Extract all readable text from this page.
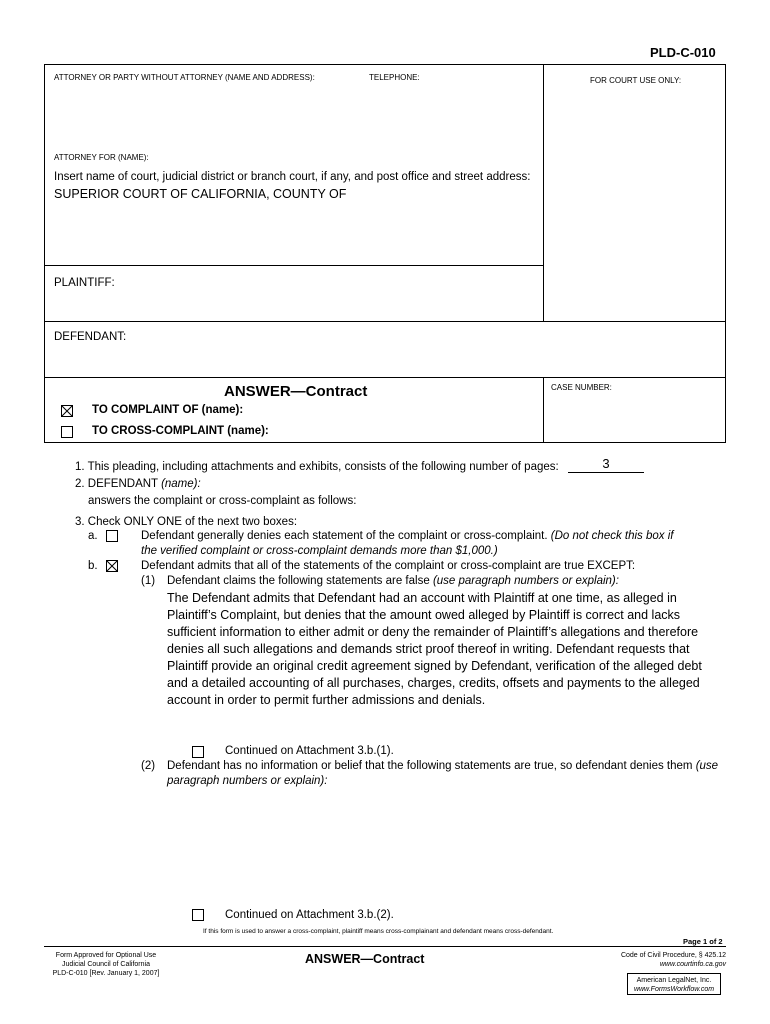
PLD-C-010
ATTORNEY OR PARTY WITHOUT ATTORNEY (NAME AND ADDRESS):	TELEPHONE:	FOR COURT USE ONLY:
ATTORNEY FOR (NAME):
Insert name of court, judicial district or branch court, if any, and post office and street address:
SUPERIOR COURT OF CALIFORNIA, COUNTY OF
PLAINTIFF:
DEFENDANT:
ANSWER—Contract	CASE NUMBER:
TO COMPLAINT OF (name):
TO CROSS-COMPLAINT (name):
1. This pleading, including attachments and exhibits, consists of the following number of pages:	3
2. DEFENDANT (name):
answers the complaint or cross-complaint as follows:
3. Check ONLY ONE of the next two boxes:
a.	Defendant generally denies each statement of the complaint or cross-complaint. (Do not check this box if
the verified complaint or cross-complaint demands more than $1,000.)
b.	Defendant admits that all of the statements of the complaint or cross-complaint are true EXCEPT:
(1) Defendant claims the following statements are false (use paragraph numbers or explain):
The Defendant admits that Defendant had an account with Plaintiff at one time, as alleged in
Plaintiff’s Complaint, but denies that the amount owed alleged by Plaintiff is correct and lacks
sufficient information to either admit or deny the remainder of Plaintiff’s allegations and therefore
denies all such allegations and demands strict proof thereof in writing. Defendant requests that
Plaintiff provide an original credit agreement signed by Defendant, verification of the alleged debt
and a detailed accounting of all purchases, charges, credits, offsets and payments to the alleged
account in order to permit further admissions and denials.
Continued on Attachment 3.b.(1).
(2) Defendant has no information or belief that the following statements are true, so defendant denies them (use
paragraph numbers or explain):
Continued on Attachment 3.b.(2).
If this form is used to answer a cross-complaint, plaintiff means cross-complainant and defendant means cross-defendant.
Page 1 of 2
Form Approved for Optional Use
Judicial Council of California
PLD-C-010 [Rev. January 1, 2007]
ANSWER—Contract	Code of Civil Procedure, § 425.12
www.courtinfo.ca.gov
American LegalNet, Inc.
www.FormsWorkflow.com
